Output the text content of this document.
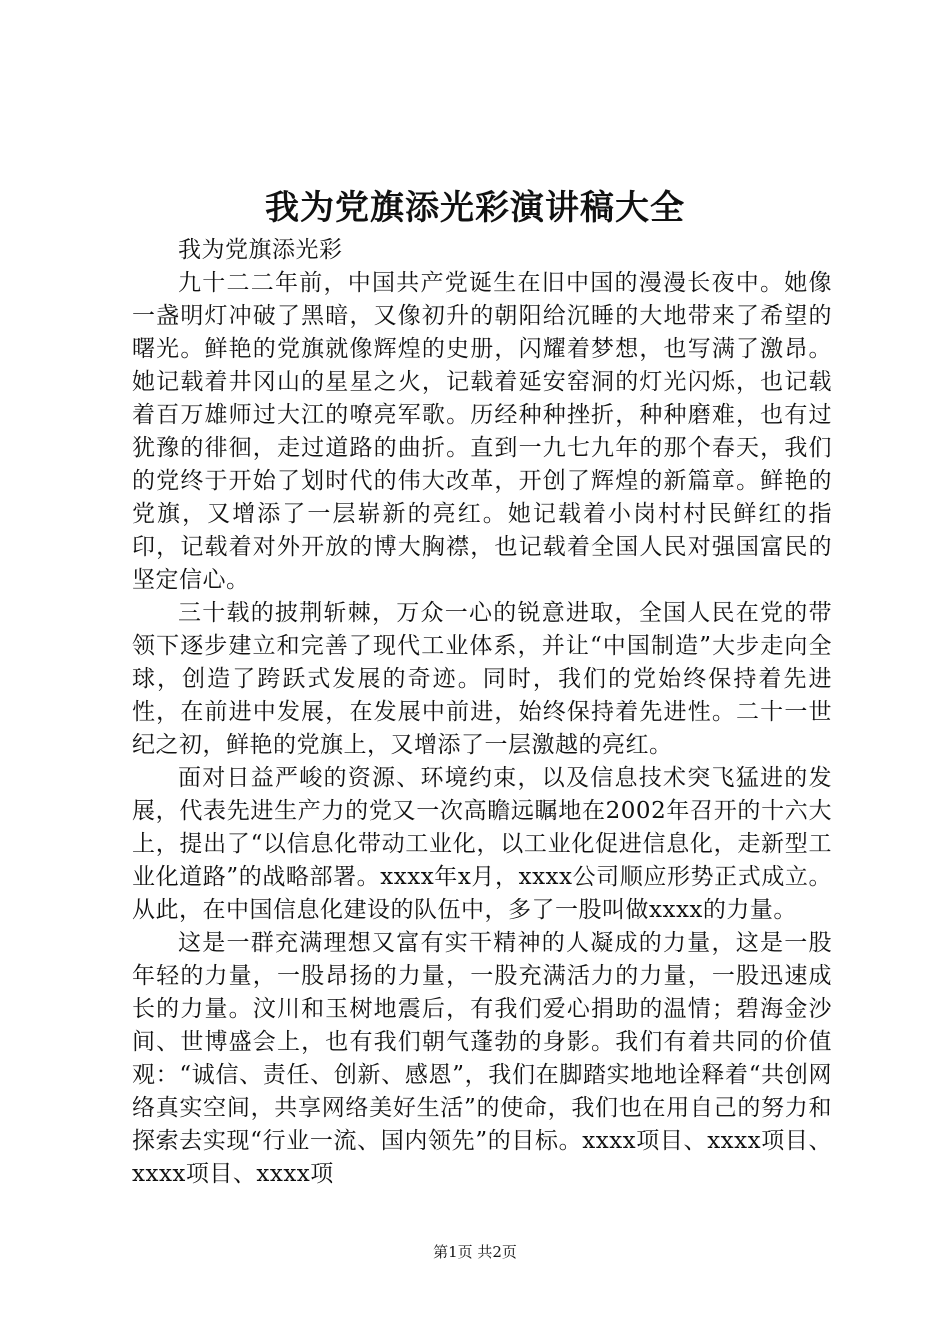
我为党旗添光彩演讲稿大全

我为党旗添光彩

九十二二年前，中国共产党诞生在旧中国的漫漫长夜中。她像一盏明灯冲破了黑暗，又像初升的朝阳给沉睡的大地带来了希望的曙光。鲜艳的党旗就像辉煌的史册，闪耀着梦想，也写满了激昂。她记载着井冈山的星星之火，记载着延安窑洞的灯光闪烁，也记载着百万雄师过大江的嘹亮军歌。历经种种挫折，种种磨难，也有过犹豫的徘徊，走过道路的曲折。直到一九七九年的那个春天，我们的党终于开始了划时代的伟大改革，开创了辉煌的新篇章。鲜艳的党旗，又增添了一层崭新的亮红。她记载着小岗村村民鲜红的指印，记载着对外开放的博大胸襟，也记载着全国人民对强国富民的坚定信心。

三十载的披荆斩棘，万众一心的锐意进取，全国人民在党的带领下逐步建立和完善了现代工业体系，并让“中国制造”大步走向全球，创造了跨跃式发展的奇迹。同时，我们的党始终保持着先进性，在前进中发展，在发展中前进，始终保持着先进性。二十一世纪之初，鲜艳的党旗上，又增添了一层激越的亮红。

面对日益严峻的资源、环境约束，以及信息技术突飞猛进的发展，代表先进生产力的党又一次高瞻远瞩地在2002年召开的十六大上，提出了“以信息化带动工业化，以工业化促进信息化，走新型工业化道路”的战略部署。xxxx年x月，xxxx公司顺应形势正式成立。从此，在中国信息化建设的队伍中，多了一股叫做xxxx的力量。

这是一群充满理想又富有实干精神的人凝成的力量，这是一股年轻的力量，一股昂扬的力量，一股充满活力的力量，一股迅速成长的力量。汶川和玉树地震后，有我们爱心捐助的温情；碧海金沙间、世博盛会上，也有我们朝气蓬勃的身影。我们有着共同的价值观：“诚信、责任、创新、感恩”，我们在脚踏实地地诠释着“共创网络真实空间，共享网络美好生活”的使命，我们也在用自己的努力和探索去实现“行业一流、国内领先”的目标。xxxx项目、xxxx项目、xxxx项目、xxxx项

第1页 共2页
